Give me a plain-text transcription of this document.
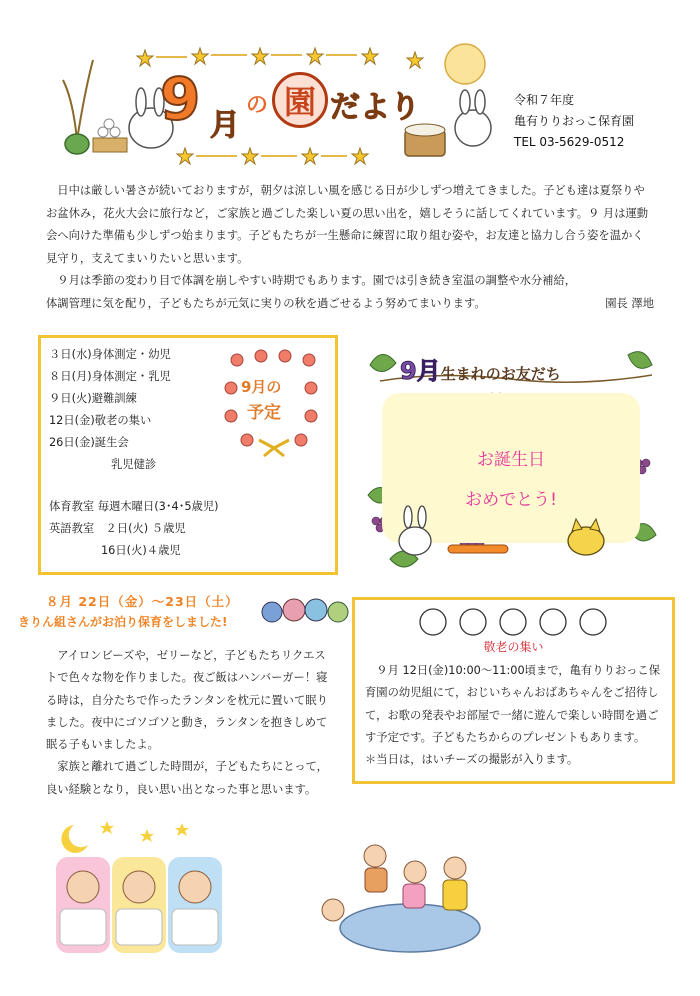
9 月
の 園 だより	令和７年度
亀有りりおっこ保育園
TEL 03-5629-0512

日中は厳しい暑さが続いておりますが，朝夕は涼しい風を感じる日が少しずつ増えてきました。子ども達は夏祭りやお盆休み，花火大会に旅行など，ご家族と過ごした楽しい夏の思い出を，嬉しそうに話してくれています。９ 月は運動会へ向けた準備も少しずつ始まります。子どもたちが一生懸命に練習に取り組む姿や，お友達と協力し合う姿を温かく見守り，支えてまいりたいと思います。

９月は季節の変わり目で体調を崩しやすい時期でもあります。園では引き続き室温の調整や水分補給，体調管理に気を配り，子どもたちが元気に実りの秋を過ごせるよう努めてまいります。	園長 澤地
３日(水)身体測定・幼児
８日(月)身体測定・乳児
９日(火)避難訓練
12日(金)敬老の集い
26日(金)誕生会
乳児健診
体育教室 毎週木曜日(3･4･5歳児)
英語教室　２日(火) ５歳児
16日(火)４歳児
9月の
予定
お誕生日
おめでとう!
9月生まれのお友だち
８月 22日（金）〜23日（土）
きりん組さんがお泊り保育をしました!

アイロンビーズや，ゼリーなど，子どもたちリクエストで色々な物を作りました。夜ご飯はハンバーガー！寝る時は，自分たちで作ったランタンを枕元に置いて眠りました。夜中にゴソゴソと動き，ランタンを抱きしめて眠る子もいましたよ。

家族と離れて過ごした時間が，子どもたちにとって，良い経験となり，良い思い出となった事と思います。

敬老の集い

９月 12日(金)10:00〜11:00頃まで，亀有りりおっこ保育園の幼児組にて，おじいちゃんおばあちゃんをご招待して，お歌の発表やお部屋で一緒に遊んで楽しい時間を過ごす予定です。子どもたちからのプレゼントもあります。

＊当日は，はいチーズの撮影が入ります。
